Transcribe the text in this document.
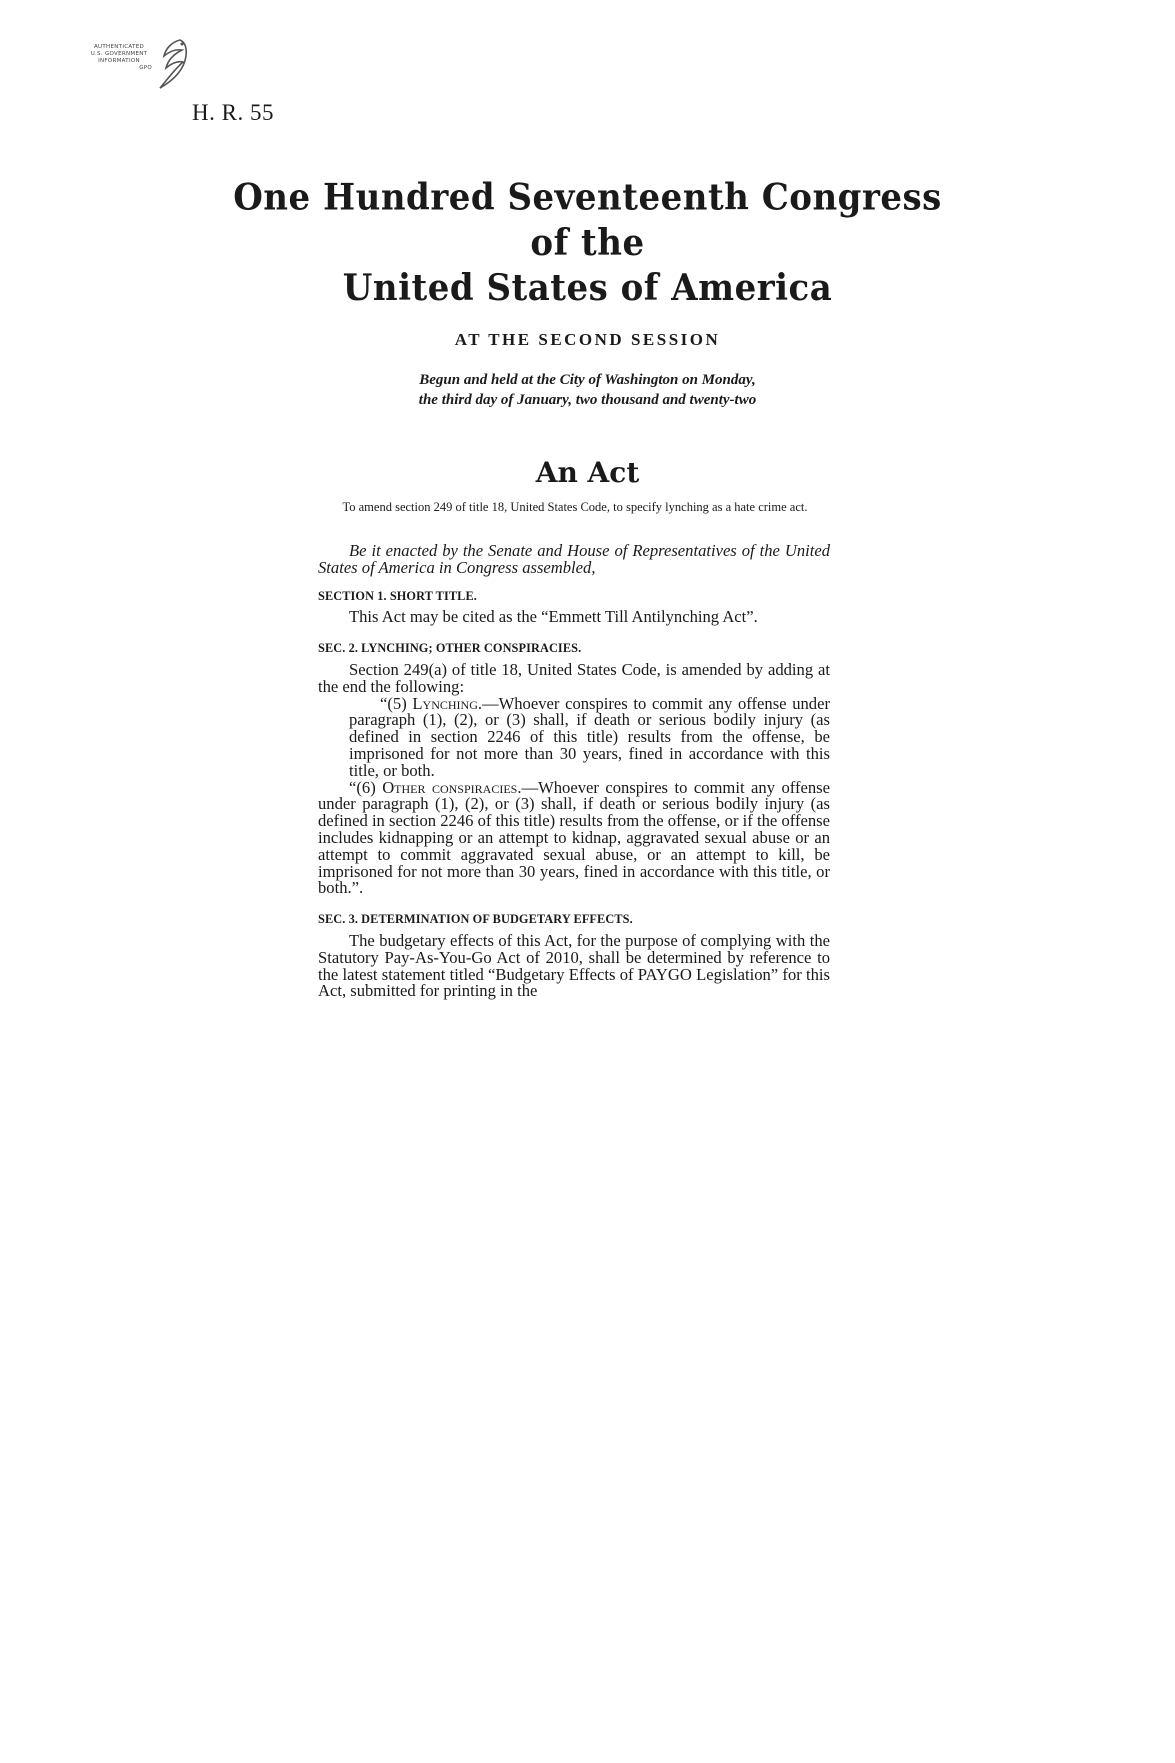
AUTHENTICATED
U.S. GOVERNMENT
INFORMATION
GPO
H. R. 55
One Hundred Seventeenth Congress
of the
United States of America
AT THE SECOND SESSION
Begun and held at the City of Washington on Monday,
the third day of January, two thousand and twenty-two
An Act
To amend section 249 of title 18, United States Code, to specify lynching as a hate crime act.

Be it enacted by the Senate and House of Representatives of the United States of America in Congress assembled,

SECTION 1. SHORT TITLE.

This Act may be cited as the “Emmett Till Antilynching Act”.

SEC. 2. LYNCHING; OTHER CONSPIRACIES.

Section 249(a) of title 18, United States Code, is amended by adding at the end the following:

“(5) Lynching.—Whoever conspires to commit any offense under paragraph (1), (2), or (3) shall, if death or serious bodily injury (as defined in section 2246 of this title) results from the offense, be imprisoned for not more than 30 years, fined in accordance with this title, or both.

“(6) Other conspiracies.—Whoever conspires to commit any offense under paragraph (1), (2), or (3) shall, if death or serious bodily injury (as defined in section 2246 of this title) results from the offense, or if the offense includes kidnapping or an attempt to kidnap, aggravated sexual abuse or an attempt to commit aggravated sexual abuse, or an attempt to kill, be imprisoned for not more than 30 years, fined in accordance with this title, or both.”.

SEC. 3. DETERMINATION OF BUDGETARY EFFECTS.

The budgetary effects of this Act, for the purpose of complying with the Statutory Pay-As-You-Go Act of 2010, shall be determined by reference to the latest statement titled “Budgetary Effects of PAYGO Legislation” for this Act, submitted for printing in the
